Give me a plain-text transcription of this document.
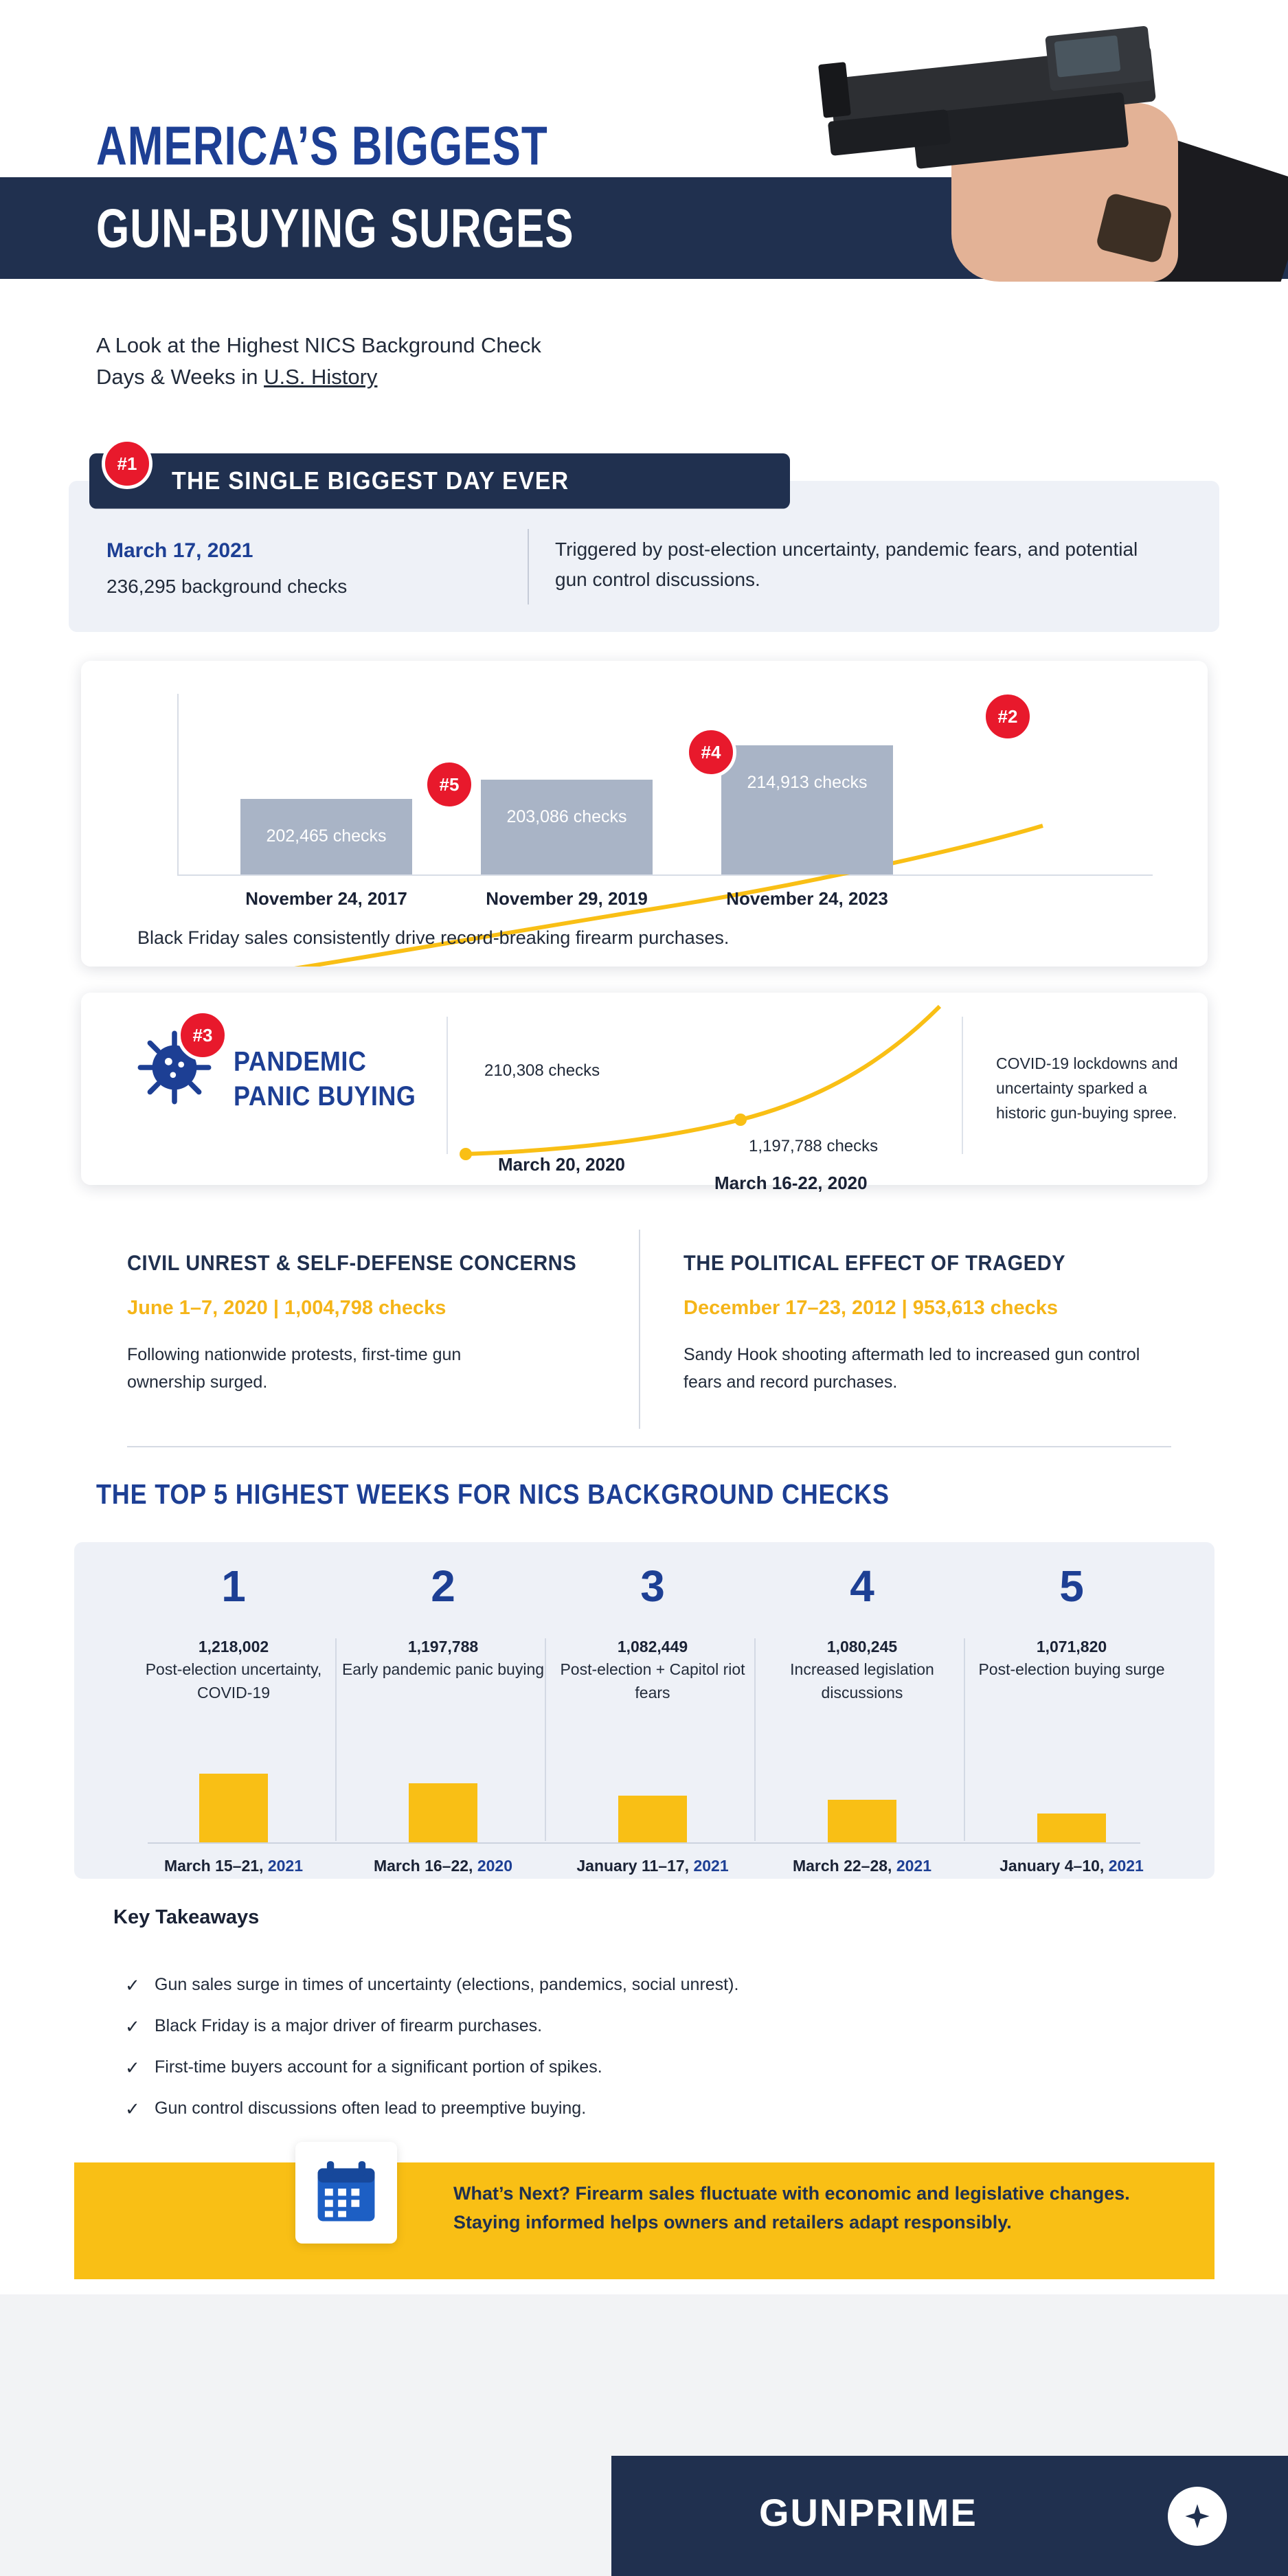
AMERICA’S BIGGEST
GUN-BUYING SURGES
A Look at the Highest NICS Background Check
Days & Weeks in U.S. History
THE SINGLE BIGGEST DAY EVER
#1
March 17, 2021
236,295 background checks
Triggered by post-election uncertainty, pandemic fears, and potential gun control discussions.
202,465 checks
203,086 checks
214,913 checks
#5
#4
#2
November 24, 2017	November 29, 2019	November 24, 2023
Black Friday sales consistently drive record-breaking firearm purchases.
#3
PANDEMIC
PANIC BUYING
210,308 checks
1,197,788 checks
March 20, 2020
March 16-22, 2020
COVID-19 lockdowns and uncertainty sparked a historic gun-buying spree.
CIVIL UNREST & SELF-DEFENSE CONCERNS
June 1–7, 2020 | 1,004,798 checks
Following nationwide protests, first-time gun ownership surged.
THE POLITICAL EFFECT OF TRAGEDY
December 17–23, 2012 | 953,613 checks
Sandy Hook shooting aftermath led to increased gun control fears and record purchases.
THE TOP 5 HIGHEST WEEKS FOR NICS BACKGROUND CHECKS
1
1,218,002
Post-election uncertainty, COVID-19
2
1,197,788
Early pandemic panic buying
3
1,082,449
Post-election + Capitol riot fears
4
1,080,245
Increased legislation discussions
5
1,071,820
Post-election buying surge
March 15–21, 2021	March 16–22, 2020	January 11–17, 2021	March 22–28, 2021	January 4–10, 2021
Key Takeaways
✓ Gun sales surge in times of uncertainty (elections, pandemics, social unrest).
✓ Black Friday is a major driver of firearm purchases.
✓ First-time buyers account for a significant portion of spikes.
✓ Gun control discussions often lead to preemptive buying.
What’s Next? Firearm sales fluctuate with economic and legislative changes. Staying informed helps owners and retailers adapt responsibly.
GUNPRIME
